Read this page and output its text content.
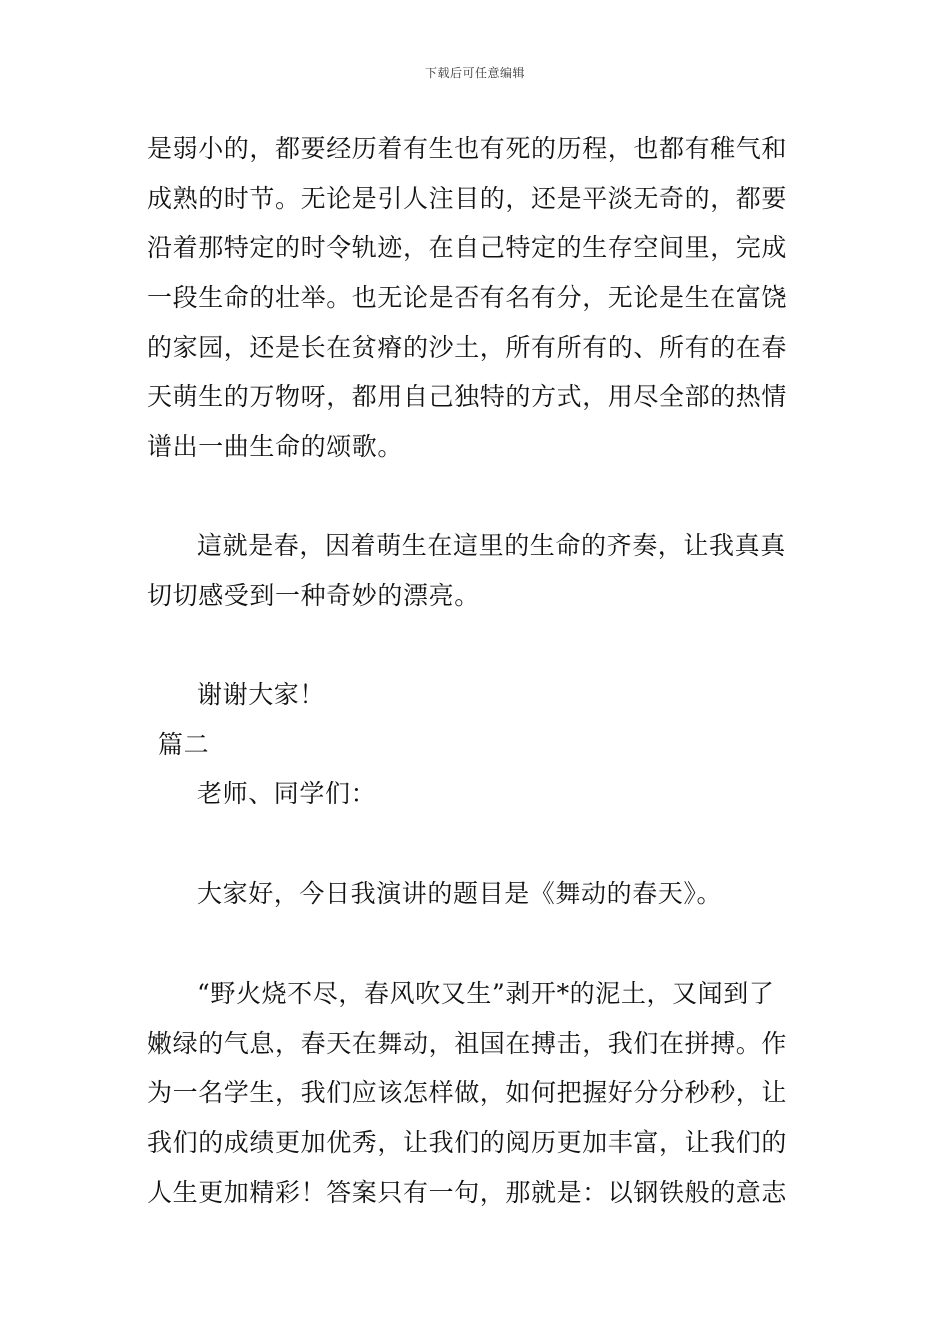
下载后可任意编辑
是弱小的，都要经历着有生也有死的历程，也都有稚气和
成熟的时节。无论是引人注目的，还是平淡无奇的，都要
沿着那特定的时令轨迹，在自己特定的生存空间里，完成
一段生命的壮举。也无论是否有名有分，无论是生在富饶
的家园，还是长在贫瘠的沙土，所有所有的、所有的在春
天萌生的万物呀，都用自己独特的方式，用尽全部的热情
谱出一曲生命的颂歌。
這就是春，因着萌生在這里的生命的齐奏，让我真真
切切感受到一种奇妙的漂亮。
谢谢大家！
篇二
老师、同学们：
大家好，今日我演讲的题目是《舞动的春天》。
“野火烧不尽，春风吹又生”剥开*的泥土，又闻到了
嫩绿的气息，春天在舞动，祖国在搏击，我们在拼搏。作
为一名学生，我们应该怎样做，如何把握好分分秒秒，让
我们的成绩更加优秀，让我们的阅历更加丰富，让我们的
人生更加精彩！答案只有一句，那就是：以钢铁般的意志
